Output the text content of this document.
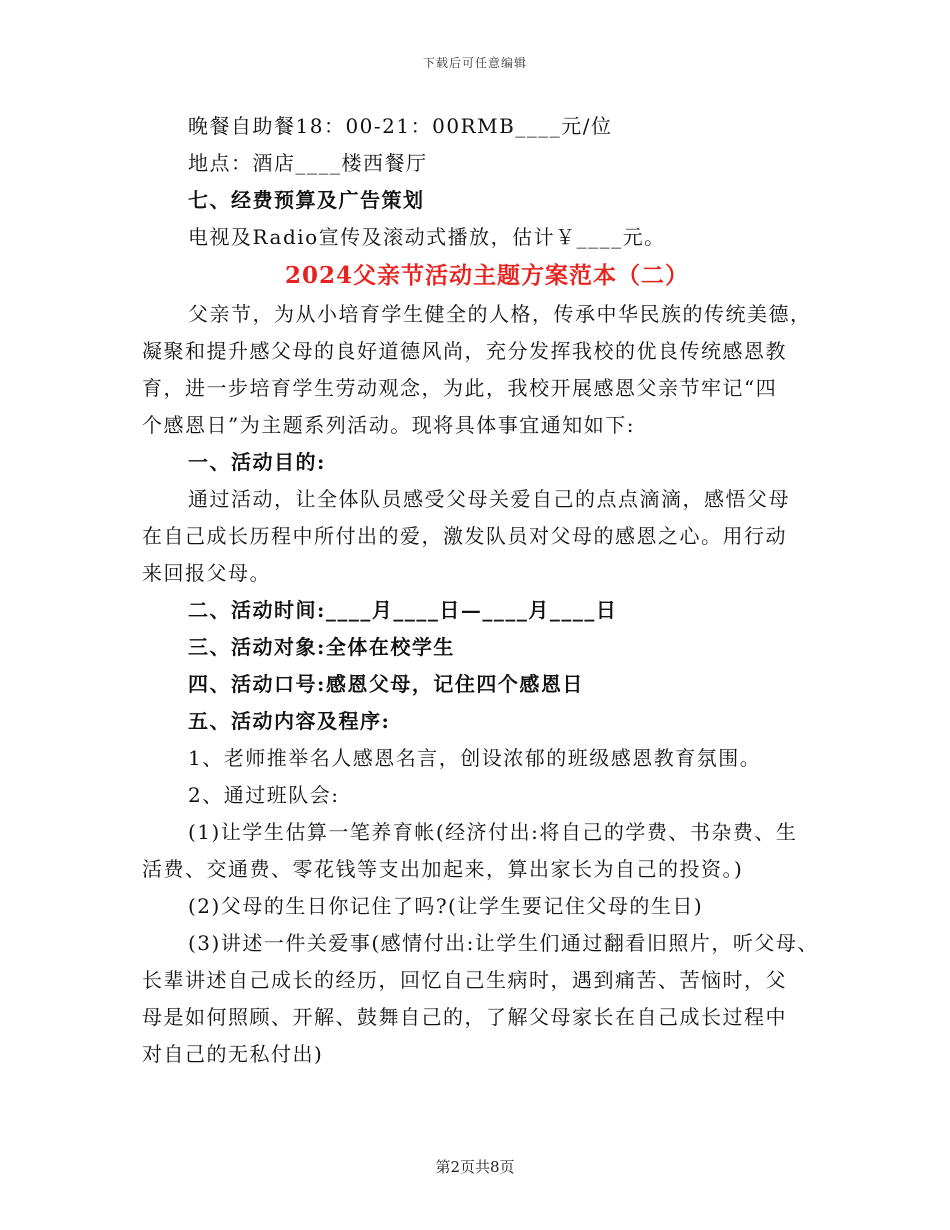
下载后可任意编辑
晚餐自助餐18：00-21：00RMB____元/位
地点：酒店____楼西餐厅
七、经费预算及广告策划
电视及Radio宣传及滚动式播放，估计￥____元。
2024父亲节活动主题方案范本（二）
父亲节，为从小培育学生健全的人格，传承中华民族的传统美德，
凝聚和提升感父母的良好道德风尚，充分发挥我校的优良传统感恩教
育，进一步培育学生劳动观念，为此，我校开展感恩父亲节牢记“四
个感恩日”为主题系列活动。现将具体事宜通知如下:
一、活动目的:
通过活动，让全体队员感受父母关爱自己的点点滴滴，感悟父母
在自己成长历程中所付出的爱，激发队员对父母的感恩之心。用行动
来回报父母。
二、活动时间:____月____日—____月____日
三、活动对象:全体在校学生
四、活动口号:感恩父母，记住四个感恩日
五、活动内容及程序:
1、老师推举名人感恩名言，创设浓郁的班级感恩教育氛围。
2、通过班队会:
(1)让学生估算一笔养育帐(经济付出:将自己的学费、书杂费、生
活费、交通费、零花钱等支出加起来，算出家长为自己的投资。)
(2)父母的生日你记住了吗?(让学生要记住父母的生日)
(3)讲述一件关爱事(感情付出:让学生们通过翻看旧照片，听父母、
长辈讲述自己成长的经历，回忆自己生病时，遇到痛苦、苦恼时，父
母是如何照顾、开解、鼓舞自己的，了解父母家长在自己成长过程中
对自己的无私付出)
第2页共8页
